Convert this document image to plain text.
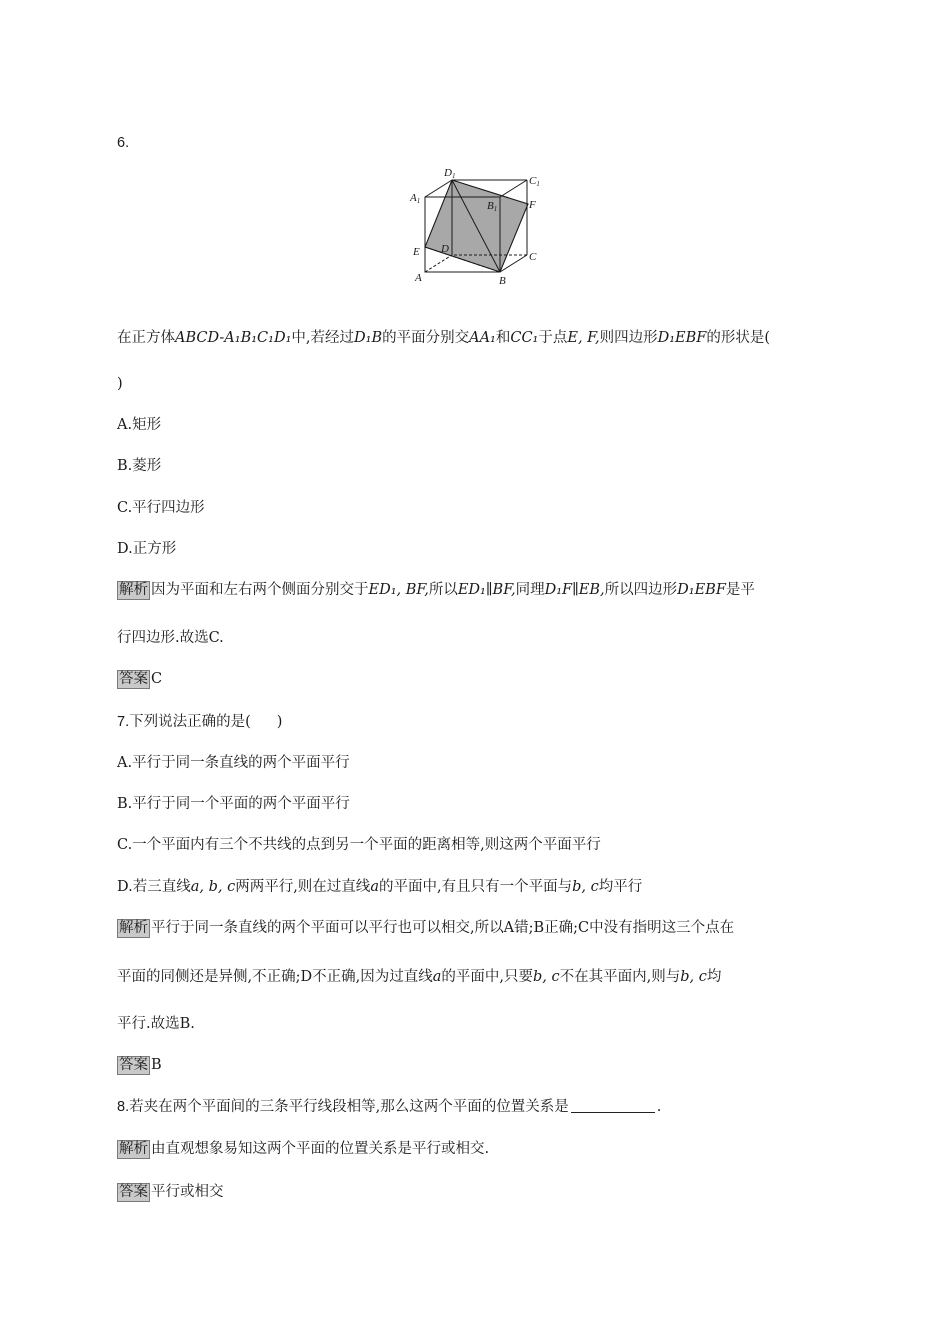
6.
D1	C1
A1	B1	F
E D
C
A	B
在正方体ABCD-A₁B₁C₁D₁中,若经过D₁B的平面分别交AA₁和CC₁于点E, F,则四边形D₁EBF的形状是(
)
A.矩形
B.菱形
C.平行四边形
D.正方形
解析 因为平面和左右两个侧面分别交于ED₁, BF,所以ED₁∥BF,同理D₁F∥EB,所以四边形D₁EBF是平
行四边形.故选C.
答案 C
7.下列说法正确的是( )
A.平行于同一条直线的两个平面平行
B.平行于同一个平面的两个平面平行
C.一个平面内有三个不共线的点到另一个平面的距离相等,则这两个平面平行
D.若三直线a, b, c两两平行,则在过直线a的平面中,有且只有一个平面与b, c均平行
解析 平行于同一条直线的两个平面可以平行也可以相交,所以A错;B正确;C中没有指明这三个点在
平面的同侧还是异侧,不正确;D不正确,因为过直线a的平面中,只要b, c不在其平面内,则与b, c均
平行.故选B.
答案 B
8.若夹在两个平面间的三条平行线段相等,那么这两个平面的位置关系是	.
解析 由直观想象易知这两个平面的位置关系是平行或相交.
答案 平行或相交
